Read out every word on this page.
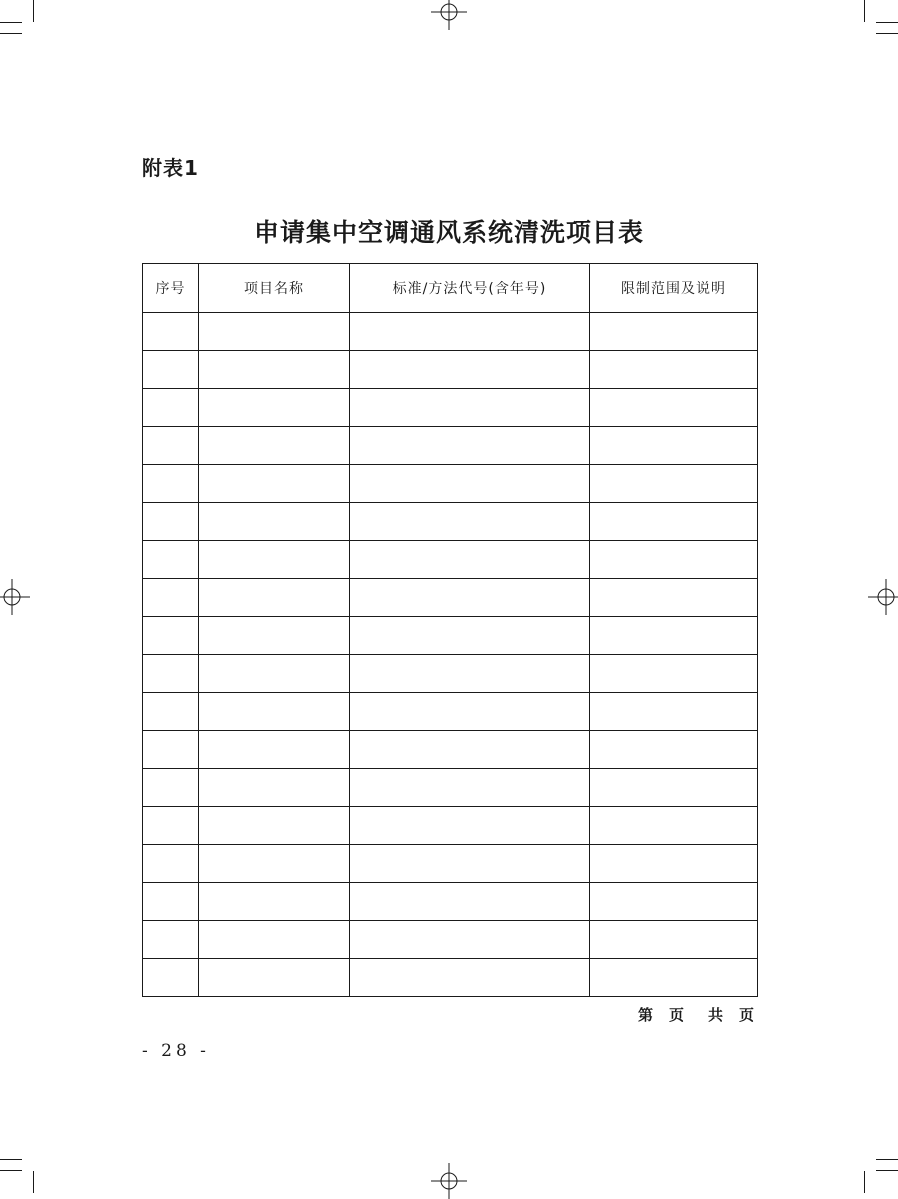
附表1
申请集中空调通风系统清洗项目表
序号	项目名称	标准/方法代号(含年号)	限制范围及说明

第 页 共 页
- 28 -
